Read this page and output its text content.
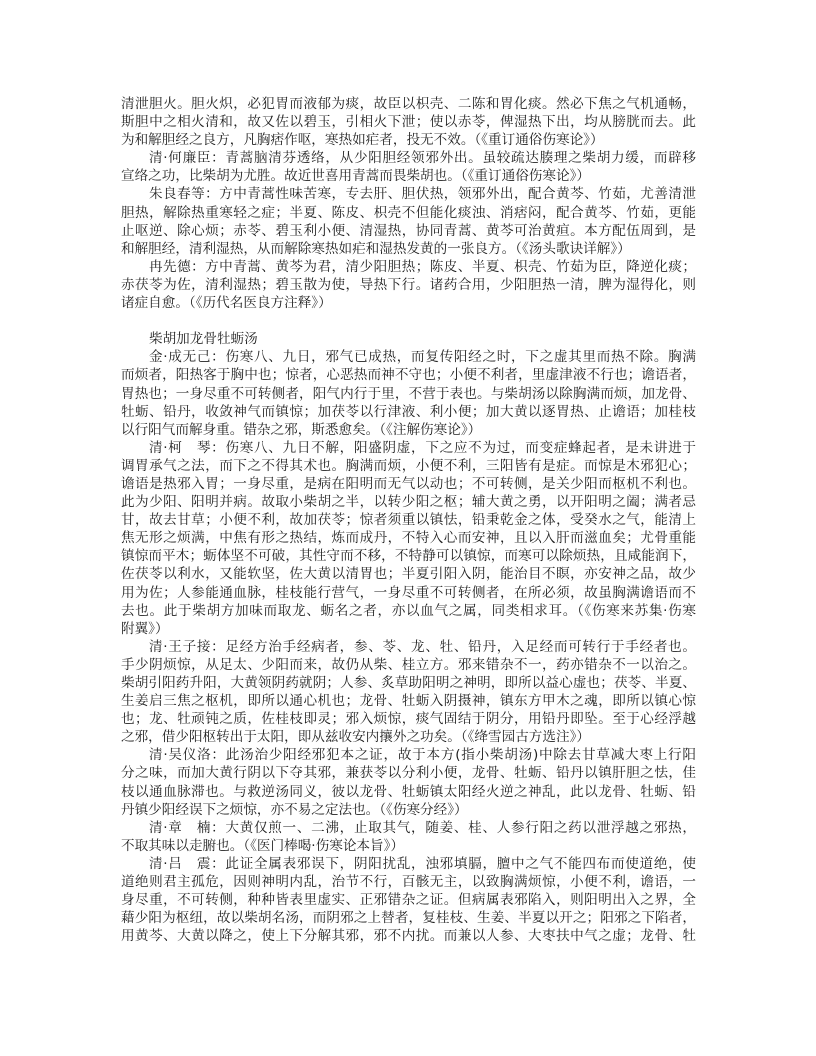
清泄胆火。胆火炽，必犯胃而液郁为痰，故臣以枳壳、二陈和胃化痰。然必下焦之气机通畅，
斯胆中之相火清和，故又佐以碧玉，引相火下泄；使以赤苓，俾湿热下出，均从膀胱而去。此
为和解胆经之良方，凡胸痞作呕，寒热如疟者，投无不效。（《重订通俗伤寒论》）
清·何廉臣：青蒿脑清芬透络，从少阳胆经领邪外出。虽较疏达腠理之柴胡力缓，而辟移
宣络之功，比柴胡为尤胜。故近世喜用青蒿而畏柴胡也。（《重订通俗伤寒论》）
朱良春等：方中青蒿性味苦寒，专去肝、胆伏热，领邪外出，配合黄芩、竹茹，尤善清泄
胆热，解除热重寒轻之症；半夏、陈皮、枳壳不但能化痰浊、消痞闷，配合黄芩、竹茹，更能
止呕逆、除心烦；赤苓、碧玉利小便、清湿热，协同青蒿、黄芩可治黄疸。本方配伍周到，是
和解胆经，清利湿热，从而解除寒热如疟和湿热发黄的一张良方。（《汤头歌诀详解》）
冉先德：方中青蒿、黄芩为君，清少阳胆热；陈皮、半夏、枳壳、竹茹为臣，降逆化痰；
赤茯苓为佐，清利湿热；碧玉散为使，导热下行。诸药合用，少阳胆热一清，脾为湿得化，则
诸症自愈。（《历代名医良方注释》）
柴胡加龙骨牡蛎汤
金·成无己：伤寒八、九日，邪气已成热，而复传阳经之时，下之虚其里而热不除。胸满
而烦者，阳热客于胸中也；惊者，心恶热而神不守也；小便不利者，里虚津液不行也；谵语者，
胃热也；一身尽重不可转侧者，阳气内行于里，不营于表也。与柴胡汤以除胸满而烦，加龙骨、
牡蛎、铅丹，收敛神气而镇惊；加茯苓以行津液、利小便；加大黄以逐胃热、止谵语；加桂枝
以行阳气而解身重。错杂之邪，斯悉愈矣。（《注解伤寒论》）
清·柯　琴：伤寒八、九日不解，阳盛阴虚，下之应不为过，而变症蜂起者，是未讲进于
调胃承气之法，而下之不得其术也。胸满而烦，小便不利，三阳皆有是症。而惊是木邪犯心；
谵语是热邪入胃；一身尽重，是病在阳明而无气以动也；不可转侧，是关少阳而枢机不利也。
此为少阳、阳明并病。故取小柴胡之半，以转少阳之枢；辅大黄之勇，以开阳明之阖；满者忌
甘，故去甘草；小便不利，故加茯苓；惊者须重以镇怯，铅秉乾金之体，受癸水之气，能清上
焦无形之烦满，中焦有形之热结，炼而成丹，不特入心而安神，且以入肝而滋血矣；尤骨重能
镇惊而平木；蛎体坚不可破，其性守而不移，不特静可以镇惊，而寒可以除烦热，且咸能润下，
佐茯苓以利水，又能软坚，佐大黄以清胃也；半夏引阳入阴，能治目不瞑，亦安神之品，故少
用为佐；人参能通血脉，桂枝能行营气，一身尽重不可转侧者，在所必须，故虽胸满谵语而不
去也。此于柴胡方加味而取龙、蛎名之者，亦以血气之属，同类相求耳。（《伤寒来苏集·伤寒
附翼》）
清·王子接：足经方治手经病者，参、苓、龙、牡、铅丹，入足经而可转行于手经者也。
手少阴烦惊，从足太、少阳而来，故仍从柴、桂立方。邪来错杂不一，药亦错杂不一以治之。
柴胡引阳药升阳，大黄领阴药就阴；人参、炙草助阳明之神明，即所以益心虚也；茯苓、半夏、
生姜启三焦之枢机，即所以通心机也；龙骨、牡蛎入阴摄神，镇东方甲木之魂，即所以镇心惊
也；龙、牡顽钝之质，佐桂枝即灵；邪入烦惊，痰气固结于阴分，用铅丹即坠。至于心经浮越
之邪，借少阳枢转出于太阳，即从兹收安内攘外之功矣。（《绛雪园古方选注》）
清·吴仪洛：此汤治少阳经邪犯本之证，故于本方(指小柴胡汤)中除去甘草减大枣上行阳
分之味，而加大黄行阴以下夺其邪，兼获苓以分利小便，龙骨、牡蛎、铅丹以镇肝胆之怯，佳
枝以通血脉滞也。与救逆汤同义，彼以龙骨、牡蛎镇太阳经火逆之神乱，此以龙骨、牡蛎、铅
丹镇少阳经误下之烦惊，亦不易之定法也。（《伤寒分经》）
清·章　楠：大黄仅煎一、二沸，止取其气，随姜、桂、人参行阳之药以泄浮越之邪热，
不取其味以走腑也。（《医门棒喝·伤寒论本旨》）
清·吕　震：此证全属表邪误下，阴阳扰乱，浊邪填膈，膻中之气不能四布而使道绝，使
道绝则君主孤危，因则神明内乱，治节不行，百骸无主，以致胸满烦惊，小便不利，谵语，一
身尽重，不可转侧，种种皆表里虚实、正邪错杂之证。但病属表邪陷入，则阳明出入之界，全
藉少阳为枢纽，故以柴胡名汤，而阴邪之上替者，复桂枝、生姜、半夏以开之；阳邪之下陷者，
用黄芩、大黄以降之，使上下分解其邪，邪不内扰。而兼以人参、大枣扶中气之虚；龙骨、牡
